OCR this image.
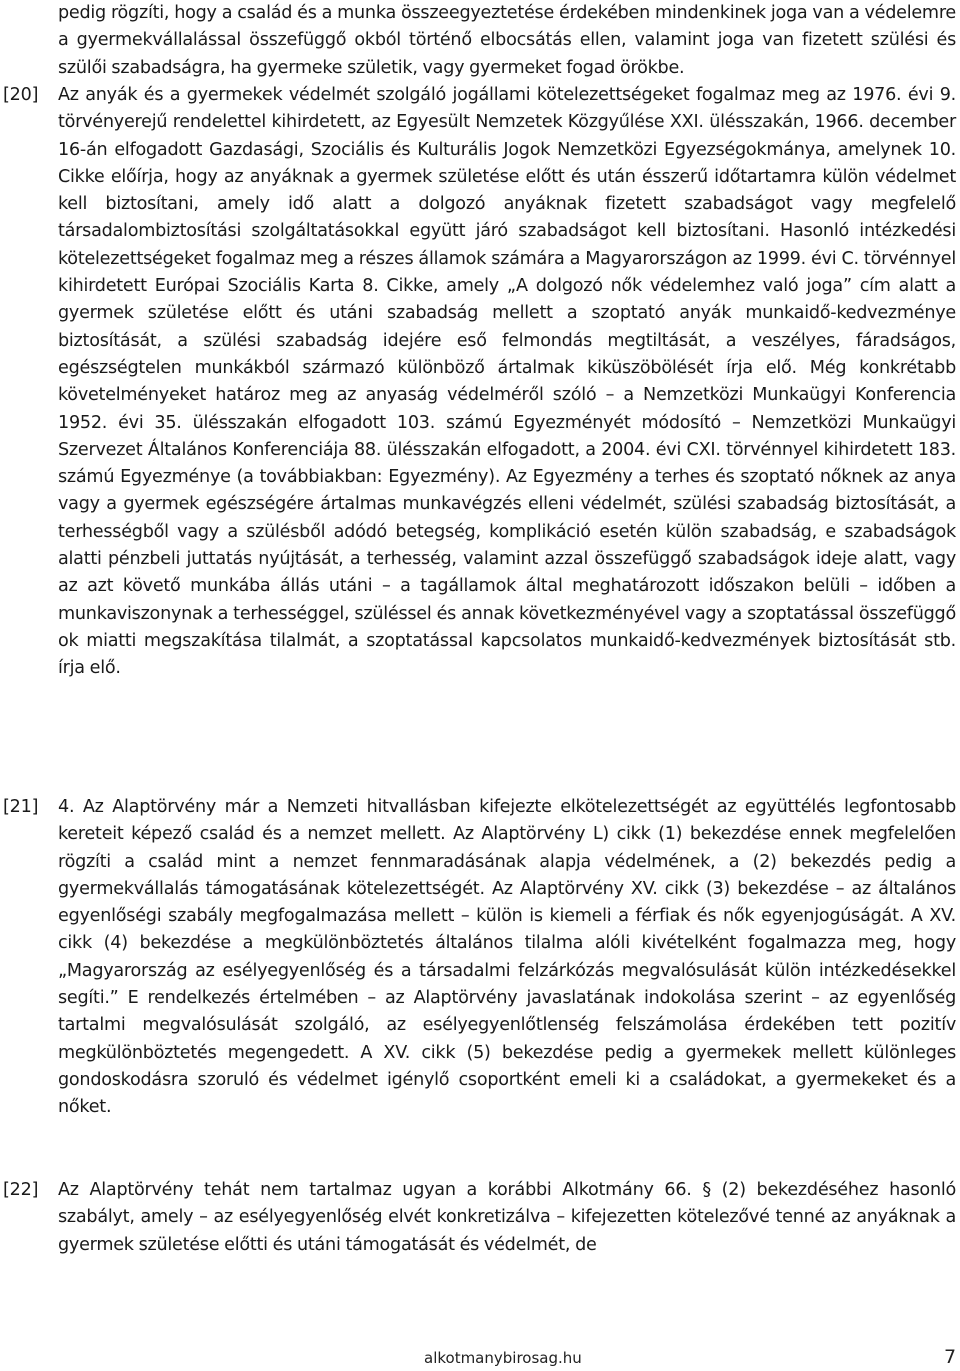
pedig rögzíti, hogy a család és a munka összeegyeztetése érdekében mindenkinek joga van a védelemre a gyermekvállalással összefüggő okból történő elbocsátás ellen, valamint joga van fizetett szülési és szülői szabadságra, ha gyermeke születik, vagy gyermeket fogad örökbe.
[20] Az anyák és a gyermekek védelmét szolgáló jogállami kötelezettségeket fogalmaz meg az 1976. évi 9. törvényerejű rendelettel kihirdetett, az Egyesült Nemzetek Közgyűlése XXI. ülésszakán, 1966. december 16-án elfogadott Gazdasági, Szociális és Kulturális Jogok Nemzetközi Egyezségokmánya, amelynek 10. Cikke előírja, hogy az anyáknak a gyermek születése előtt és után ésszerű időtartamra külön védelmet kell biztosítani, amely idő alatt a dolgozó anyáknak fizetett szabadságot vagy megfelelő társadalombiztosítási szolgáltatásokkal együtt járó szabadságot kell biztosítani. Hasonló intézkedési kötelezettségeket fogalmaz meg a részes államok számára a Magyarországon az 1999. évi C. törvénnyel kihirdetett Európai Szociális Karta 8. Cikke, amely „A dolgozó nők védelemhez való joga” cím alatt a gyermek születése előtt és utáni szabadság mellett a szoptató anyák munkaidő-kedvezménye biztosítását, a szülési szabadság idejére eső felmondás megtiltását, a veszélyes, fáradságos, egészségtelen munkákból származó különböző ártalmak kiküszöbölését írja elő. Még konkrétabb követelményeket határoz meg az anyaság védelméről szóló – a Nemzetközi Munkaügyi Konferencia 1952. évi 35. ülésszakán elfogadott 103. számú Egyezményét módosító – Nemzetközi Munkaügyi Szervezet Általános Konferenciája 88. ülésszakán elfogadott, a 2004. évi CXI. törvénnyel kihirdetett 183. számú Egyezménye (a továbbiakban: Egyezmény). Az Egyezmény a terhes és szoptató nőknek az anya vagy a gyermek egészségére ártalmas munkavégzés elleni védelmét, szülési szabadság biztosítását, a terhességből vagy a szülésből adódó betegség, komplikáció esetén külön szabadság, e szabadságok alatti pénzbeli juttatás nyújtását, a terhesség, valamint azzal összefüggő szabadságok ideje alatt, vagy az azt követő munkába állás utáni – a tagállamok által meghatározott időszakon belüli – időben a munkaviszonynak a terhességgel, szüléssel és annak következményével vagy a szoptatással összefüggő ok miatti megszakítása tilalmát, a szoptatással kapcsolatos munkaidő-kedvezmények biztosítását stb. írja elő.
[21] 4. Az Alaptörvény már a Nemzeti hitvallásban kifejezte elkötelezettségét az együttélés legfontosabb kereteit képező család és a nemzet mellett. Az Alaptörvény L) cikk (1) bekezdése ennek megfelelően rögzíti a család mint a nemzet fennmaradásának alapja védelmének, a (2) bekezdés pedig a gyermekvállalás támogatásának kötelezettségét. Az Alaptörvény XV. cikk (3) bekezdése – az általános egyenlőségi szabály megfogalmazása mellett – külön is kiemeli a férfiak és nők egyenjogúságát. A XV. cikk (4) bekezdése a megkülönböztetés általános tilalma alóli kivételként fogalmazza meg, hogy „Magyarország az esélyegyenlőség és a társadalmi felzárkózás megvalósulását külön intézkedésekkel segíti.” E rendelkezés értelmében – az Alaptörvény javaslatának indokolása szerint – az egyenlőség tartalmi megvalósulását szolgáló, az esélyegyenlőtlenség felszámolása érdekében tett pozitív megkülönböztetés megengedett. A XV. cikk (5) bekezdése pedig a gyermekek mellett különleges gondoskodásra szoruló és védelmet igénylő csoportként emeli ki a családokat, a gyermekeket és a nőket.
[22] Az Alaptörvény tehát nem tartalmaz ugyan a korábbi Alkotmány 66. § (2) bekezdéséhez hasonló szabályt, amely – az esélyegyenlőség elvét konkretizálva – kifejezetten kötelezővé tenné az anyáknak a gyermek születése előtti és utáni támogatását és védelmét, de
alkotmanybirosag.hu	7
